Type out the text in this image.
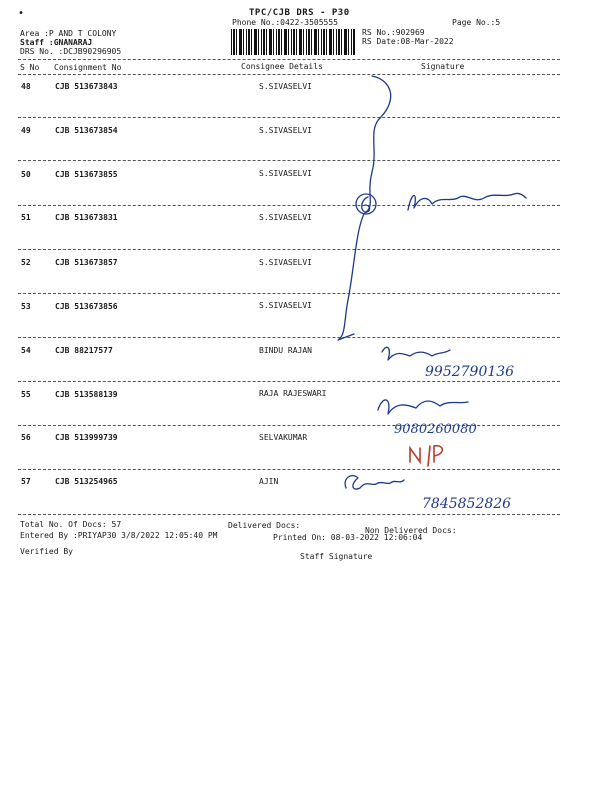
•	TPC/CJB DRS - P30
Phone No.:0422-3505555	Page No.:5
Area :P AND T COLONY
Staff :GNANARAJ
DRS No. :DCJB90296905
RS No.:902969
RS Date:08-Mar-2022
S No Consignment No	Consignee Details	Signature
48	CJB 513673843	S.SIVASELVI
49	CJB 513673854	S.SIVASELVI
50	CJB 513673855	S.SIVASELVI
51	CJB 513673831	S.SIVASELVI
52	CJB 513673857	S.SIVASELVI
53	CJB 513673856	S.SIVASELVI
54	CJB 88217577	BINDU RAJAN
55	CJB 513588139	RAJA RAJESWARI
56	CJB 513999739	SELVAKUMAR
57	CJB 513254965	AJIN
Total No. Of Docs: 57	Delivered Docs:
Non Delivered Docs:
Entered By :PRIYAP30 3/8/2022 12:05:40 PM	Printed On: 08-03-2022 12:06:04
Verified By
Staff Signature
9952790136
9080260080
7845852826
